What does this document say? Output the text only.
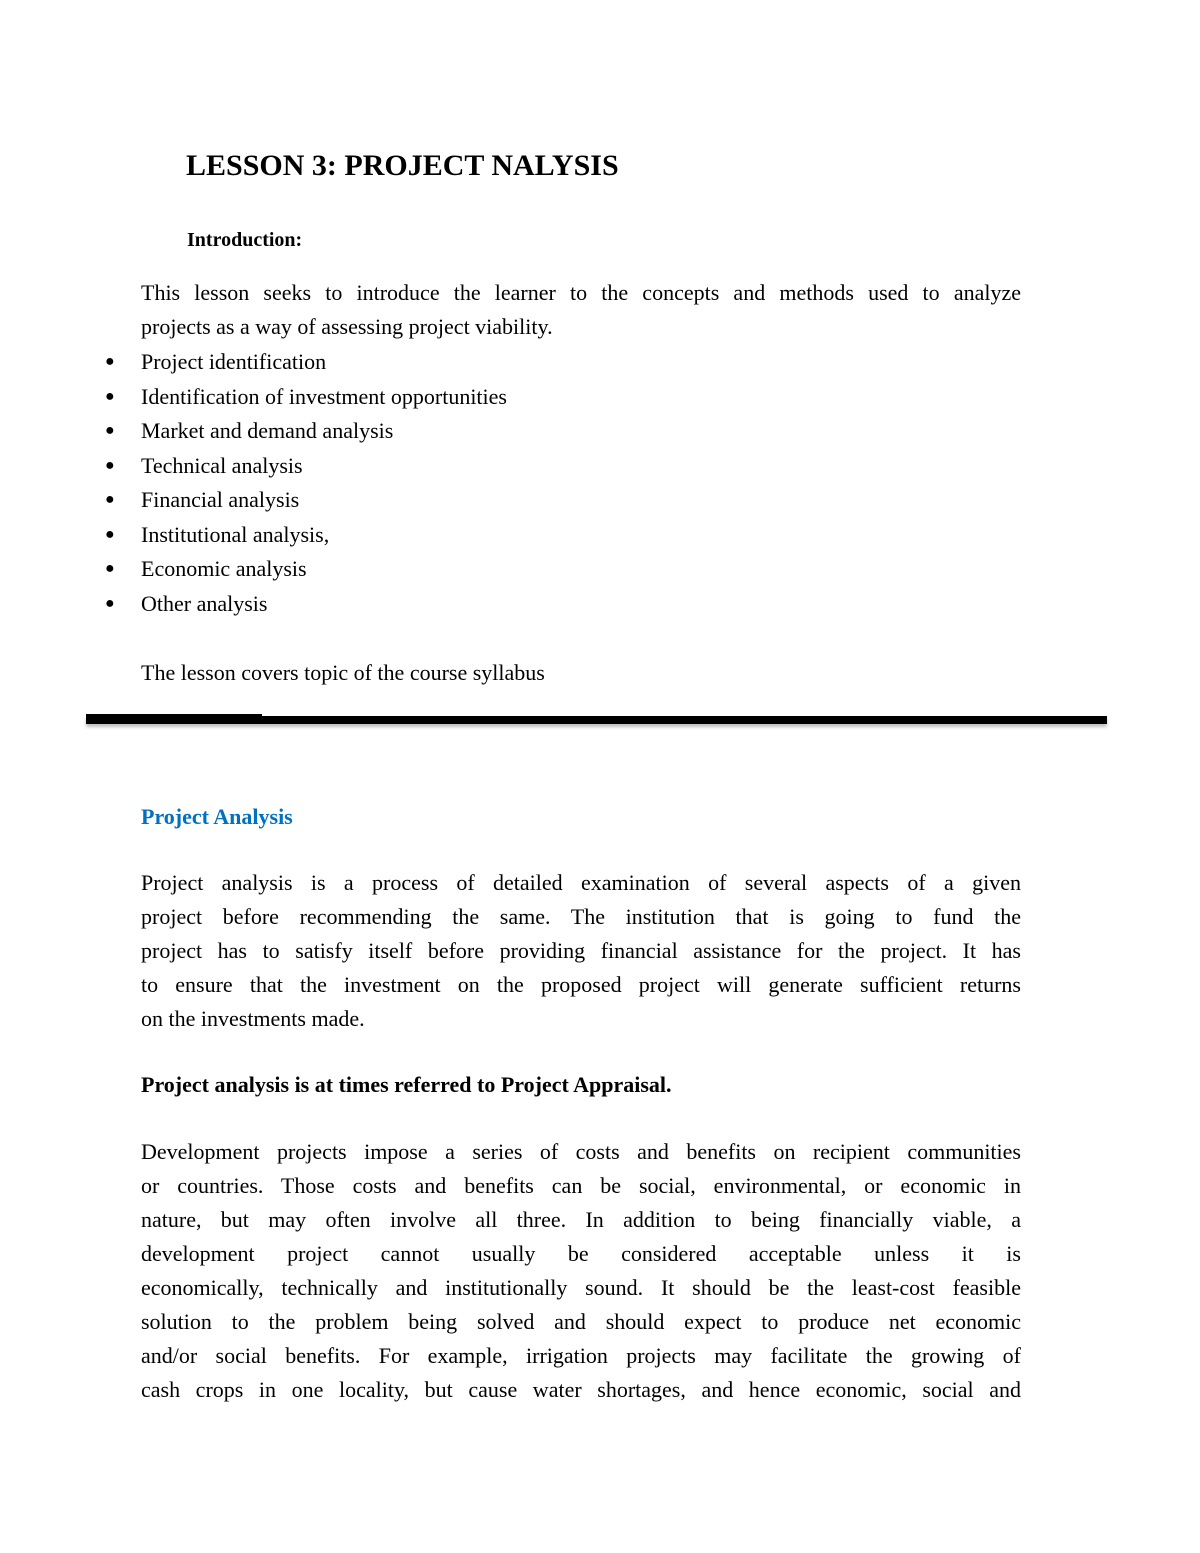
LESSON 3: PROJECT NALYSIS
Introduction:
This lesson seeks to introduce the learner to the concepts and methods used to analyze
projects as a way of assessing project viability.
●	Project identification
●	Identification of investment opportunities
●	Market and demand analysis
●	Technical analysis
●	Financial analysis
●	Institutional analysis,
●	Economic analysis
●	Other analysis
The lesson covers topic of the course syllabus
Project Analysis
Project analysis is a process of detailed examination of several aspects of a given
project before recommending the same. The institution that is going to fund the
project has to satisfy itself before providing financial assistance for the project. It has
to ensure that the investment on the proposed project will generate sufficient returns
on the investments made.
Project analysis is at times referred to Project Appraisal.
Development projects impose a series of costs and benefits on recipient communities
or countries. Those costs and benefits can be social, environmental, or economic in
nature, but may often involve all three. In addition to being financially viable, a
development project cannot usually be considered acceptable unless it is
economically, technically and institutionally sound. It should be the least-cost feasible
solution to the problem being solved and should expect to produce net economic
and/or social benefits. For example, irrigation projects may facilitate the growing of
cash crops in one locality, but cause water shortages, and hence economic, social and
